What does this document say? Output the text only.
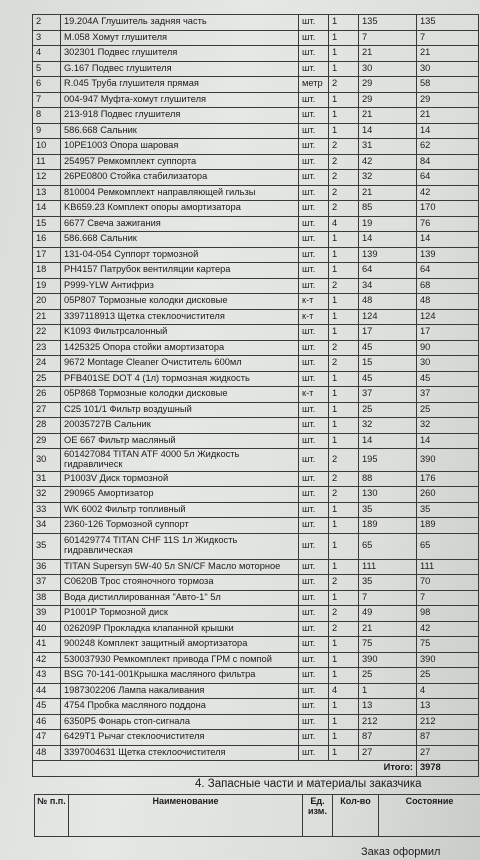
2	19.204А Глушитель задняя часть	шт.	1	135	135
3	М.058 Хомут глушителя	шт.	1	7	7
4	302301 Подвес глушителя	шт.	1	21	21
5	G.167 Подвес глушителя	шт.	1	30	30
6	R.045 Труба глушителя прямая	метр	2	29	58
7	004-947 Муфта-хомут глушителя	шт.	1	29	29
8	213-918 Подвес глушителя	шт.	1	21	21
9	586.668 Сальник	шт.	1	14	14
10	10PE1003 Опора шаровая	шт.	2	31	62
11	254957 Ремкомплект суппорта	шт.	2	42	84
12	26PE0800 Стойка стабилизатора	шт.	2	32	64
13	810004 Ремкомплект направляющей гильзы	шт.	2	21	42
14	KB659.23 Комплект опоры амортизатора	шт.	2	85	170
15	6677 Свеча зажигания	шт.	4	19	76
16	586.668 Сальник	шт.	1	14	14
17	131-04-054 Суппорт тормозной	шт.	1	139	139
18	PH4157 Патрубок вентиляции картера	шт.	1	64	64
19	P999-YLW Антифриз	шт.	2	34	68
20	05P807 Тормозные колодки дисковые	к-т	1	48	48
21	3397118913 Щетка стеклоочистителя	к-т	1	124	124
22	K1093 Фильтрсалонный	шт.	1	17	17
23	1425325 Опора стойки амортизатора	шт.	2	45	90
24	9672 Montage Cleaner Очиститель 600мл	шт.	2	15	30
25	PFB401SE DOT 4 (1л) тормозная жидкость	шт.	1	45	45
26	05P868 Тормозные колодки дисковые	к-т	1	37	37
27	C25 101/1 Фильтр воздушный	шт.	1	25	25
28	20035727B Сальник	шт.	1	32	32
29	OE 667 Фильтр масляный	шт.	1	14	14
30	601427084 TITAN ATF 4000 5л Жидкость гидравлическ	шт.	2	195	390
31	P1003V Диск тормозной	шт.	2	88	176
32	290965 Амортизатор	шт.	2	130	260
33	WK 6002 Фильтр топливный	шт.	1	35	35
34	2360-126 Тормозной суппорт	шт.	1	189	189
35	601429774 TITAN CHF 11S 1л Жидкость гидравлическая	шт.	1	65	65
36	TITAN Supersyn 5W-40 5л SN/CF Масло моторное	шт.	1	111	111
37	C0620B Трос стояночного тормоза	шт.	2	35	70
38	Вода дистиллированная "Авто-1" 5л	шт.	1	7	7
39	P1001P Тормозной диск	шт.	2	49	98
40	026209P Прокладка клапанной крышки	шт.	2	21	42
41	900248 Комплект защитный амортизатора	шт.	1	75	75
42	530037930 Ремкомплект привода ГРМ с помпой	шт.	1	390	390
43	BSG 70-141-001Крышка масляного фильтра	шт.	1	25	25
44	1987302206 Лампа накаливания	шт.	4	1	4
45	4754 Пробка масляного поддона	шт.	1	13	13
46	6350P5 Фонарь стоп-сигнала	шт.	1	212	212
47	6429T1 Рычаг стеклоочистителя	шт.	1	87	87
48	3397004631 Щетка стеклоочистителя	шт.	1	27	27
Итого:					3978
4. Запасные части и материалы заказчика
№ п.п.	Наименование	Ед. изм.	Кол-во	Состояние
Заказ оформил
